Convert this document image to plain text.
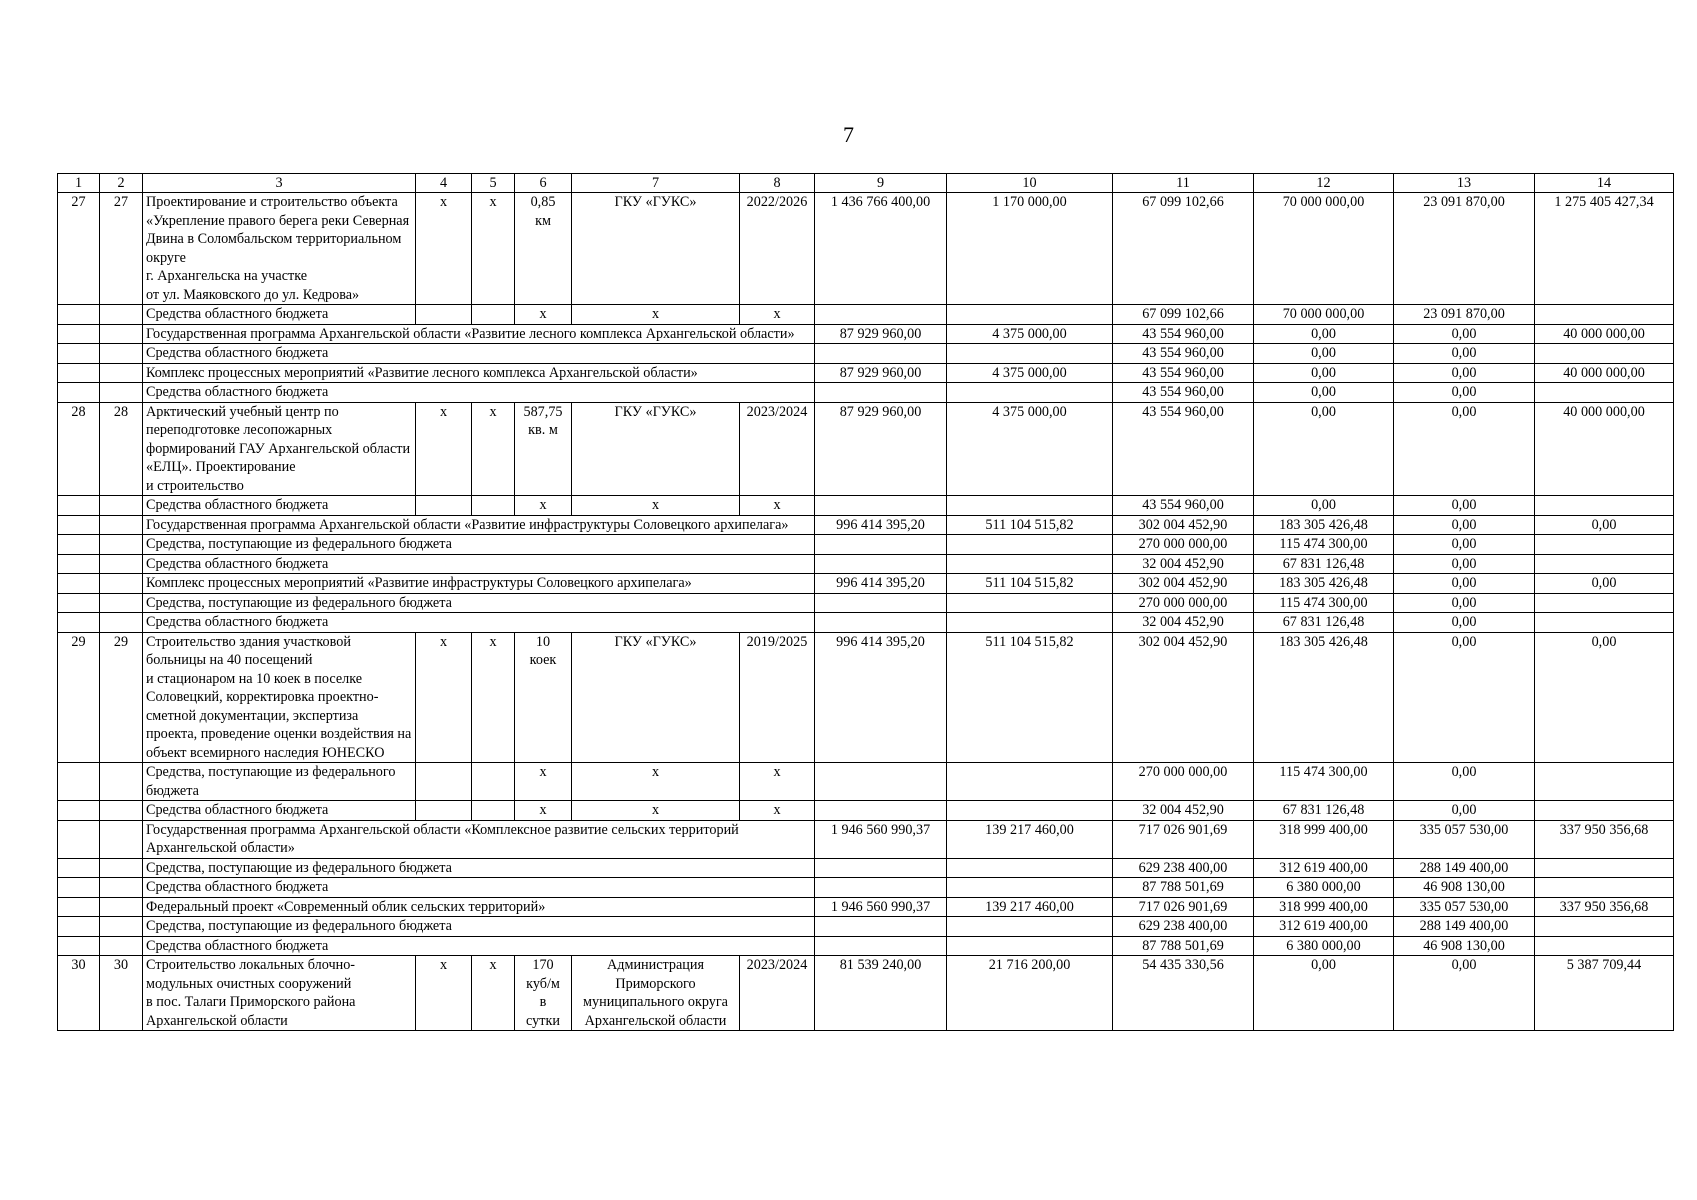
7
1	2	3	4	5	6	7	8	9	10	11	12	13	14
27	27	Проектирование и строительство объекта «Укрепление правого берега реки Северная Двина в Соломбальском территориальном округе
г. Архангельска на участке
от ул. Маяковского до ул. Кедрова»	х	х	0,85
км	ГКУ «ГУКС»	2022/2026	1 436 766 400,00	1 170 000,00	67 099 102,66	70 000 000,00	23 091 870,00	1 275 405 427,34
		Средства областного бюджета			х	х	х			67 099 102,66	70 000 000,00	23 091 870,00	
		Государственная программа Архангельской области «Развитие лесного комплекса Архангельской области»						87 929 960,00	4 375 000,00	43 554 960,00	0,00	0,00	40 000 000,00
		Средства областного бюджета								43 554 960,00	0,00	0,00	
		Комплекс процессных мероприятий «Развитие лесного комплекса Архангельской области»						87 929 960,00	4 375 000,00	43 554 960,00	0,00	0,00	40 000 000,00
		Средства областного бюджета								43 554 960,00	0,00	0,00	
28	28	Арктический учебный центр по переподготовке лесопожарных формирований ГАУ Архангельской области «ЕЛЦ». Проектирование
и строительство	х	х	587,75
кв. м	ГКУ «ГУКС»	2023/2024	87 929 960,00	4 375 000,00	43 554 960,00	0,00	0,00	40 000 000,00
		Средства областного бюджета			х	х	х			43 554 960,00	0,00	0,00	
		Государственная программа Архангельской области «Развитие инфраструктуры Соловецкого архипелага»						996 414 395,20	511 104 515,82	302 004 452,90	183 305 426,48	0,00	0,00
		Средства, поступающие из федерального бюджета								270 000 000,00	115 474 300,00	0,00	
		Средства областного бюджета								32 004 452,90	67 831 126,48	0,00	
		Комплекс процессных мероприятий «Развитие инфраструктуры Соловецкого архипелага»						996 414 395,20	511 104 515,82	302 004 452,90	183 305 426,48	0,00	0,00
		Средства, поступающие из федерального бюджета								270 000 000,00	115 474 300,00	0,00	
		Средства областного бюджета								32 004 452,90	67 831 126,48	0,00	
29	29	Строительство здания участковой больницы на 40 посещений
и стационаром на 10 коек в поселке Соловецкий, корректировка проектно-сметной документации, экспертиза проекта, проведение оценки воздействия на объект всемирного наследия ЮНЕСКО	х	х	10
коек	ГКУ «ГУКС»	2019/2025	996 414 395,20	511 104 515,82	302 004 452,90	183 305 426,48	0,00	0,00
		Средства, поступающие из федерального бюджета			х	х	х			270 000 000,00	115 474 300,00	0,00	
		Средства областного бюджета			х	х	х			32 004 452,90	67 831 126,48	0,00	
		Государственная программа Архангельской области «Комплексное развитие сельских территорий Архангельской области»						1 946 560 990,37	139 217 460,00	717 026 901,69	318 999 400,00	335 057 530,00	337 950 356,68
		Средства, поступающие из федерального бюджета								629 238 400,00	312 619 400,00	288 149 400,00	
		Средства областного бюджета								87 788 501,69	6 380 000,00	46 908 130,00	
		Федеральный проект «Современный облик сельских территорий»						1 946 560 990,37	139 217 460,00	717 026 901,69	318 999 400,00	335 057 530,00	337 950 356,68
		Средства, поступающие из федерального бюджета								629 238 400,00	312 619 400,00	288 149 400,00	
		Средства областного бюджета								87 788 501,69	6 380 000,00	46 908 130,00	
30	30	Строительство локальных блочно-модульных очистных сооружений
в пос. Талаги Приморского района Архангельской области	х	х	170
куб/м
в
сутки	Администрация Приморского муниципального округа Архангельской области	2023/2024	81 539 240,00	21 716 200,00	54 435 330,56	0,00	0,00	5 387 709,44
